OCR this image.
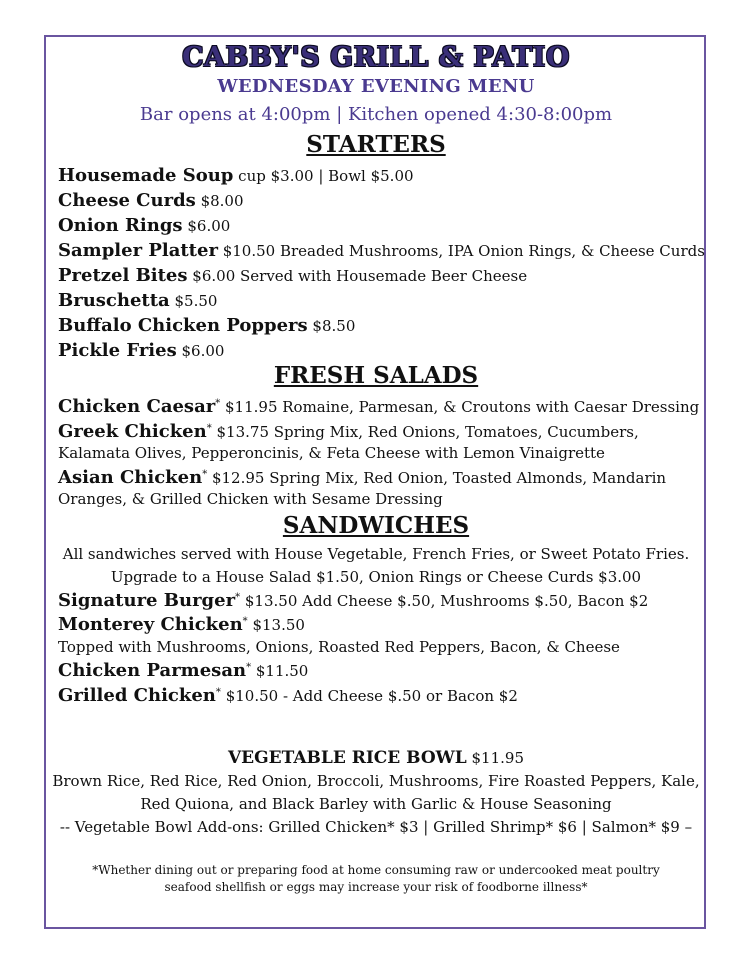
CABBY'S GRILL & PATIO
WEDNESDAY EVENING MENU
Bar opens at 4:00pm | Kitchen opened 4:30-8:00pm
STARTERS
Housemade Soup cup $3.00 | Bowl $5.00
Cheese Curds $8.00
Onion Rings $6.00
Sampler Platter $10.50 Breaded Mushrooms, IPA Onion Rings, & Cheese Curds
Pretzel Bites $6.00 Served with Housemade Beer Cheese
Bruschetta $5.50
Buffalo Chicken Poppers $8.50
Pickle Fries $6.00
FRESH SALADS
Chicken Caesar* $11.95 Romaine, Parmesan, & Croutons with Caesar Dressing
Greek Chicken* $13.75 Spring Mix, Red Onions, Tomatoes, Cucumbers,
Kalamata Olives, Pepperoncinis, & Feta Cheese with Lemon Vinaigrette
Asian Chicken* $12.95 Spring Mix, Red Onion, Toasted Almonds, Mandarin
Oranges, & Grilled Chicken with Sesame Dressing
SANDWICHES
All sandwiches served with House Vegetable, French Fries, or Sweet Potato Fries.
Upgrade to a House Salad $1.50, Onion Rings or Cheese Curds $3.00
Signature Burger* $13.50 Add Cheese $.50, Mushrooms $.50, Bacon $2
Monterey Chicken* $13.50
Topped with Mushrooms, Onions, Roasted Red Peppers, Bacon, & Cheese
Chicken Parmesan* $11.50
Grilled Chicken* $10.50 - Add Cheese $.50 or Bacon $2
VEGETABLE RICE BOWL $11.95
Brown Rice, Red Rice, Red Onion, Broccoli, Mushrooms, Fire Roasted Peppers, Kale,
Red Quiona, and Black Barley with Garlic & House Seasoning
-- Vegetable Bowl Add-ons: Grilled Chicken* $3 | Grilled Shrimp* $6 | Salmon* $9 –
*Whether dining out or preparing food at home consuming raw or undercooked meat poultry
seafood shellfish or eggs may increase your risk of foodborne illness*
